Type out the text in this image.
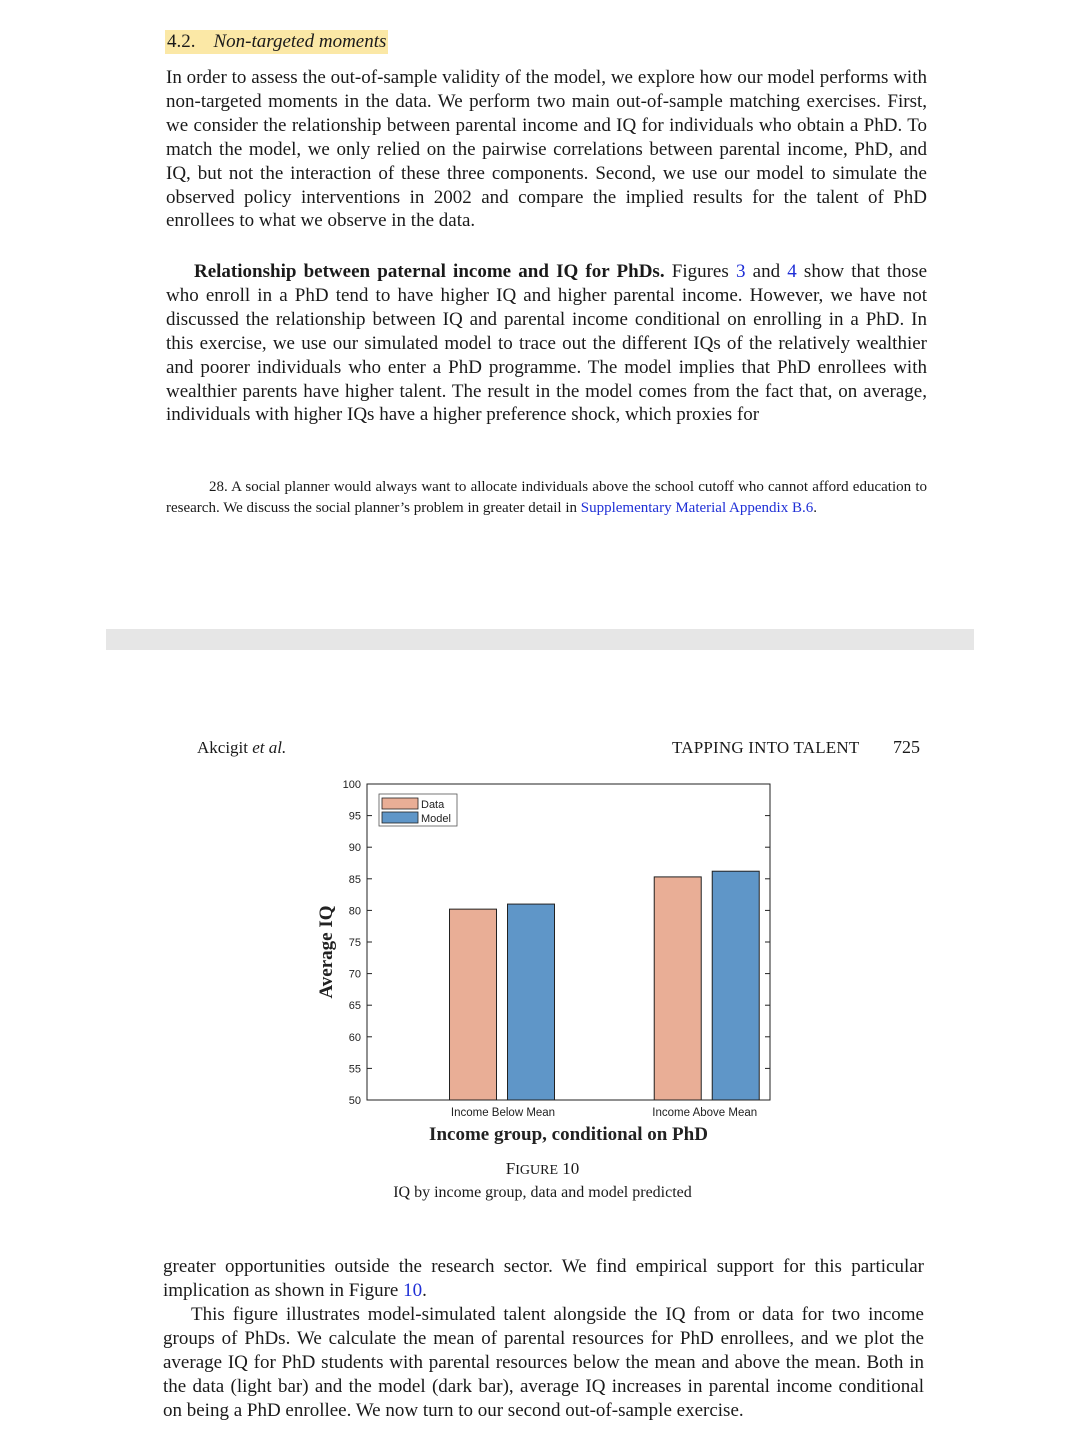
4.2. Non-targeted moments

In order to assess the out-of-sample validity of the model, we explore how our model performs with non-targeted moments in the data. We perform two main out-of-sample matching exercises. First, we consider the relationship between parental income and IQ for individuals who obtain a PhD. To match the model, we only relied on the pairwise correlations between parental income, PhD, and IQ, but not the interaction of these three components. Second, we use our model to simulate the observed policy interventions in 2002 and compare the implied results for the talent of PhD enrollees to what we observe in the data.

Relationship between paternal income and IQ for PhDs. Figures 3 and 4 show that those who enroll in a PhD tend to have higher IQ and higher parental income. However, we have not discussed the relationship between IQ and parental income conditional on enrolling in a PhD. In this exercise, we use our simulated model to trace out the different IQs of the relatively wealthier and poorer individuals who enter a PhD programme. The model implies that PhD enrollees with wealthier parents have higher talent. The result in the model comes from the fact that, on average, individuals with higher IQs have a higher preference shock, which proxies for

28. A social planner would always want to allocate individuals above the school cutoff who cannot afford education to research. We discuss the social planner’s problem in greater detail in Supplementary Material Appendix B.6.

Akcigit et al.	TAPPING INTO TALENT 725
100
95
90
85
80
75
70
65
60
55
50
Data
Model
Income Below Mean	Income Above Mean
Average IQ
Income group, conditional on PhD
FIGURE 10
IQ by income group, data and model predicted

greater opportunities outside the research sector. We find empirical support for this particular implication as shown in Figure 10.

This figure illustrates model-simulated talent alongside the IQ from or data for two income groups of PhDs. We calculate the mean of parental resources for PhD enrollees, and we plot the average IQ for PhD students with parental resources below the mean and above the mean. Both in the data (light bar) and the model (dark bar), average IQ increases in parental income conditional on being a PhD enrollee. We now turn to our second out-of-sample exercise.
